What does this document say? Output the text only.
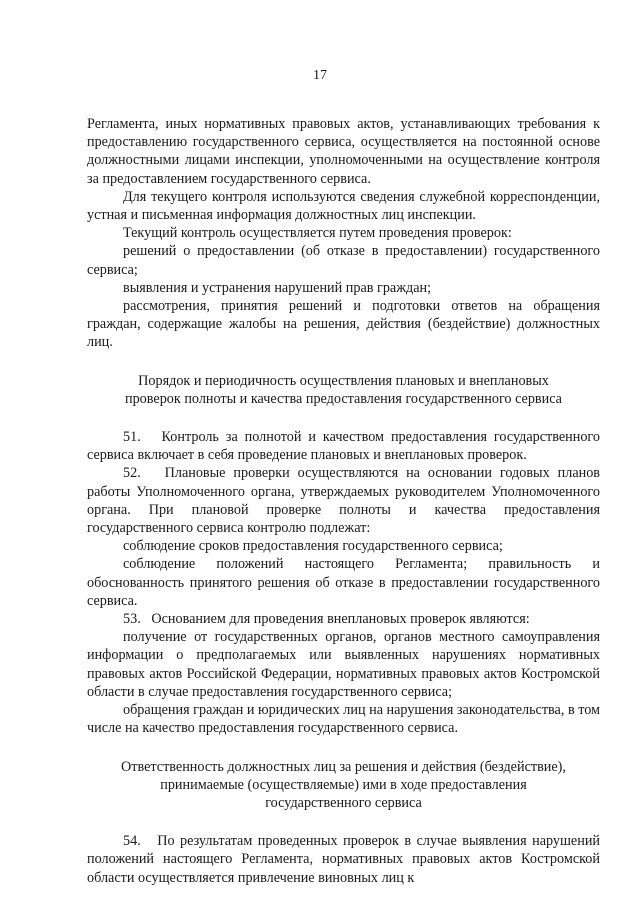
17

Регламента, иных нормативных правовых актов, устанавливающих требования к предоставлению государственного сервиса, осуществляется на постоянной основе должностными лицами инспекции, уполномоченными на осуществление контроля за предоставлением государственного сервиса.

Для текущего контроля используются сведения служебной корреспонденции, устная и письменная информация должностных лиц инспекции.

Текущий контроль осуществляется путем проведения проверок:

решений о предоставлении (об отказе в предоставлении) государственного сервиса;

выявления и устранения нарушений прав граждан;

рассмотрения, принятия решений и подготовки ответов на обращения граждан, содержащие жалобы на решения, действия (бездействие) должностных лиц.

Порядок и периодичность осуществления плановых и внеплановых
проверок полноты и качества предоставления государственного сервиса

51.   Контроль за полнотой и качеством предоставления государственного сервиса включает в себя проведение плановых и внеплановых проверок.

52.   Плановые проверки осуществляются на основании годовых планов работы Уполномоченного органа, утверждаемых руководителем Уполномоченного органа. При плановой проверке полноты и качества предоставления государственного сервиса контролю подлежат:

соблюдение сроков предоставления государственного сервиса;

соблюдение положений настоящего Регламента; правильность и обоснованность принятого решения об отказе в предоставлении государственного сервиса.

53.   Основанием для проведения внеплановых проверок являются:

получение от государственных органов, органов местного самоуправления информации о предполагаемых или выявленных нарушениях нормативных правовых актов Российской Федерации, нормативных правовых актов Костромской области в случае предоставления государственного сервиса;

обращения граждан и юридических лиц на нарушения законодательства, в том числе на качество предоставления государственного сервиса.

Ответственность должностных лиц за решения и действия (бездействие),
принимаемые (осуществляемые) ими в ходе предоставления
государственного сервиса

54.   По результатам проведенных проверок в случае выявления нарушений положений настоящего Регламента, нормативных правовых актов Костромской области осуществляется привлечение виновных лиц к
